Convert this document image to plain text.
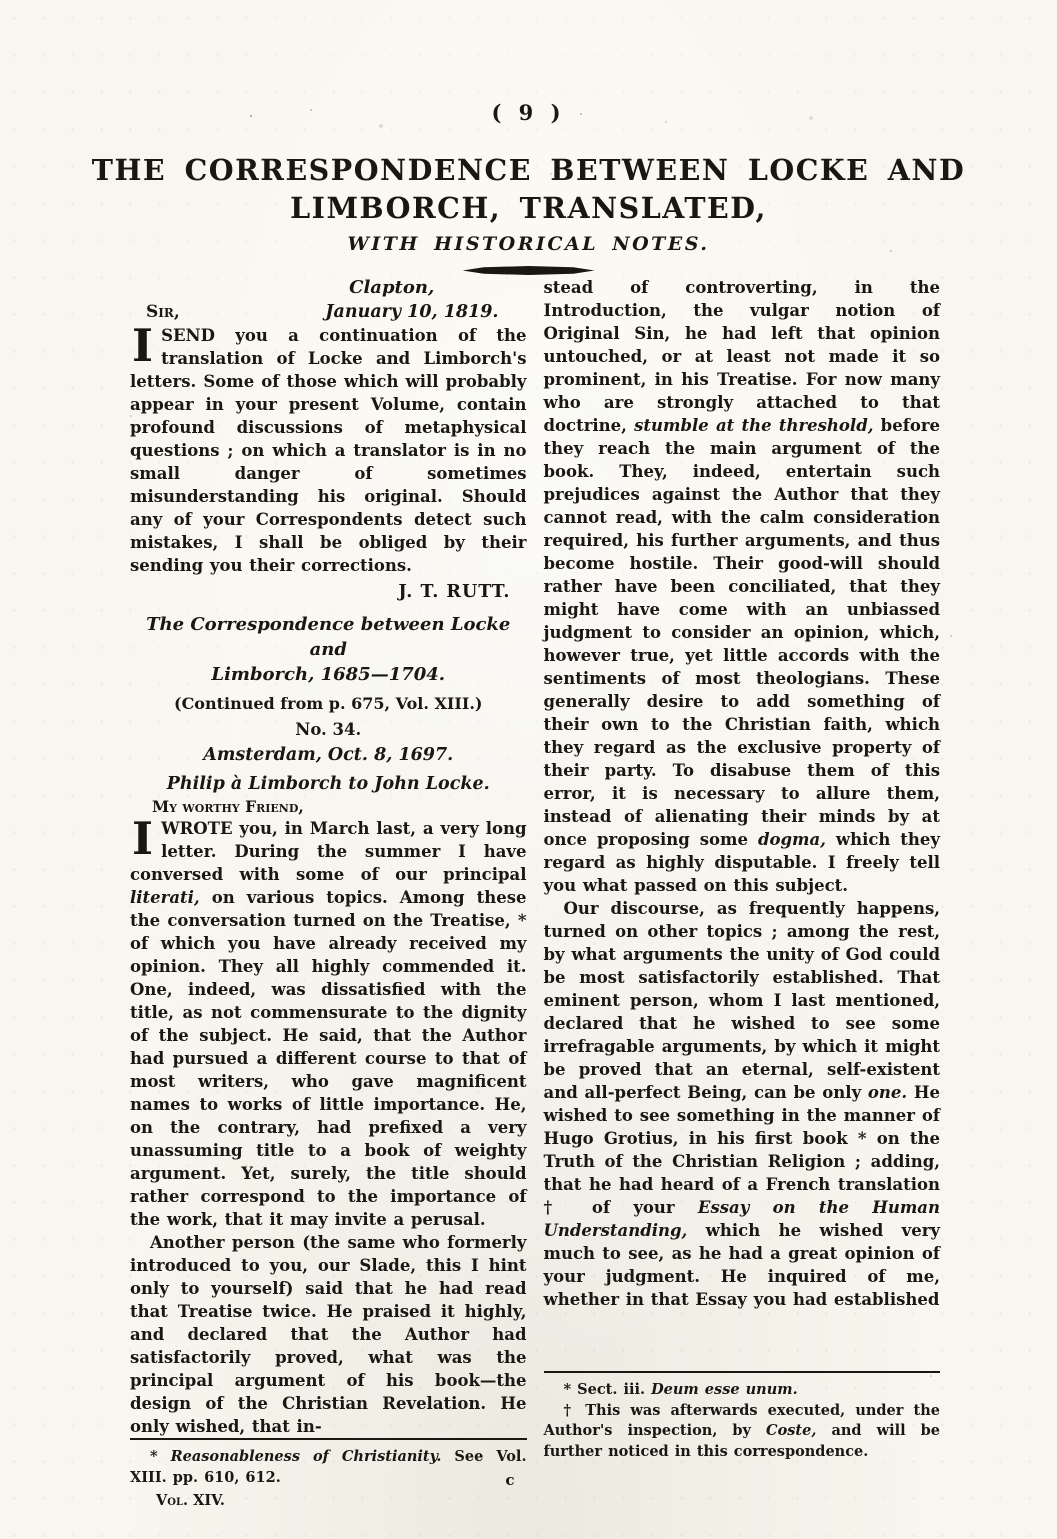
( 9 )
THE CORRESPONDENCE BETWEEN LOCKE AND
LIMBORCH, TRANSLATED,
WITH HISTORICAL NOTES.
Clapton,
Sir,	January 10, 1819.

ISEND you a continuation of the translation of Locke and Limborch's letters. Some of those which will probably appear in your present Volume, contain profound discussions of metaphysical questions ; on which a translator is in no small danger of sometimes misunderstanding his original. Should any of your Correspondents detect such mistakes, I shall be obliged by their sending you their corrections.

J. T. RUTT.
The Correspondence between Locke and
Limborch, 1685—1704.
(Continued from p. 675, Vol. XIII.)
No. 34.
Amsterdam, Oct. 8, 1697.
Philip à Limborch to John Locke.
My worthy Friend,

IWROTE you, in March last, a very long letter. During the summer I have conversed with some of our principal literati, on various topics. Among these the conversation turned on the Treatise, * of which you have already received my opinion. They all highly commended it. One, indeed, was dissatisfied with the title, as not commensurate to the dignity of the subject. He said, that the Author had pursued a different course to that of most writers, who gave magnificent names to works of little importance. He, on the contrary, had prefixed a very unassuming title to a book of weighty argument. Yet, surely, the title should rather correspond to the importance of the work, that it may invite a perusal.

Another person (the same who formerly introduced to you, our Slade, this I hint only to yourself) said that he had read that Treatise twice. He praised it highly, and declared that the Author had satisfactorily proved, what was the principal argument of his book—the design of the Christian Revelation. He only wished, that in-

* Reasonableness of Christianity. See Vol. XIII. pp. 610, 612.

Vol. XIV.
c

stead of controverting, in the Introduction, the vulgar notion of Original Sin, he had left that opinion untouched, or at least not made it so prominent, in his Treatise. For now many who are strongly attached to that doctrine, stumble at the threshold, before they reach the main argument of the book. They, indeed, entertain such prejudices against the Author that they cannot read, with the calm consideration required, his further arguments, and thus become hostile. Their good-will should rather have been conciliated, that they might have come with an unbiassed judgment to consider an opinion, which, however true, yet little accords with the sentiments of most theologians. These generally desire to add something of their own to the Christian faith, which they regard as the exclusive property of their party. To disabuse them of this error, it is necessary to allure them, instead of alienating their minds by at once proposing some dogma, which they regard as highly disputable. I freely tell you what passed on this subject.

Our discourse, as frequently happens, turned on other topics ; among the rest, by what arguments the unity of God could be most satisfactorily established. That eminent person, whom I last mentioned, declared that he wished to see some irrefragable arguments, by which it might be proved that an eternal, self-existent and all-perfect Being, can be only one. He wished to see something in the manner of Hugo Grotius, in his first book * on the Truth of the Christian Religion ; adding, that he had heard of a French translation † of your Essay on the Human Understanding, which he wished very much to see, as he had a great opinion of your judgment. He inquired of me, whether in that Essay you had established

* Sect. iii. Deum esse unum.

† This was afterwards executed, under the Author's inspection, by Coste, and will be further noticed in this correspondence.
